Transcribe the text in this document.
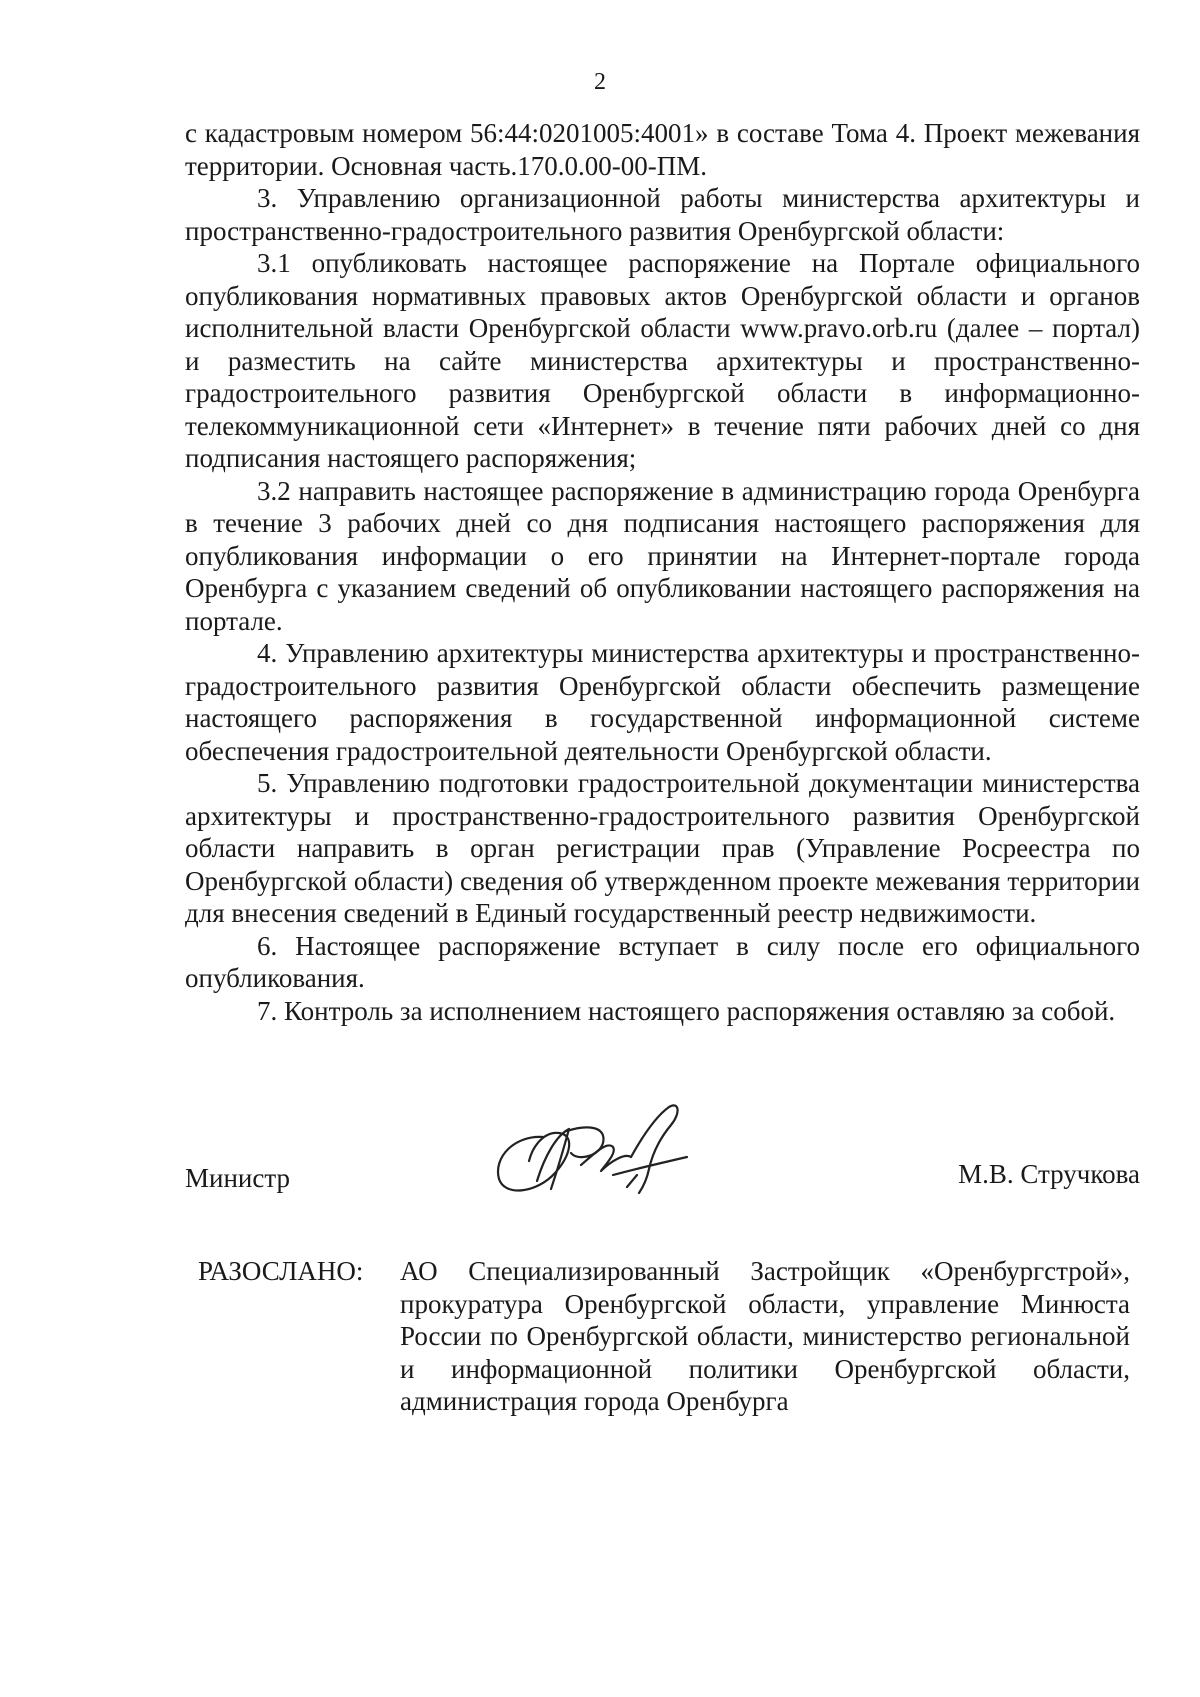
2

с кадастровым номером 56:44:0201005:4001» в составе Тома 4. Проект межевания территории. Основная часть.170.0.00-00-ПМ.

3. Управлению организационной работы министерства архитектуры и пространственно-градостроительного развития Оренбургской области:

3.1 опубликовать настоящее распоряжение на Портале официального опубликования нормативных правовых актов Оренбургской области и органов исполнительной власти Оренбургской области www.pravo.orb.ru (далее – портал) и разместить на сайте министерства архитектуры и пространственно-градостроительного развития Оренбургской области в информационно-телекоммуникационной сети «Интернет» в течение пяти рабочих дней со дня подписания настоящего распоряжения;

3.2 направить настоящее распоряжение в администрацию города Оренбурга в течение 3 рабочих дней со дня подписания настоящего распоряжения для опубликования информации о его принятии на Интернет-портале города Оренбурга с указанием сведений об опубликовании настоящего распоряжения на портале.

4. Управлению архитектуры министерства архитектуры и пространственно-градостроительного развития Оренбургской области обеспечить размещение настоящего распоряжения в государственной информационной системе обеспечения градостроительной деятельности Оренбургской области.

5. Управлению подготовки градостроительной документации министерства архитектуры и пространственно-градостроительного развития Оренбургской области направить в орган регистрации прав (Управление Росреестра по Оренбургской области) сведения об утвержденном проекте межевания территории для внесения сведений в Единый государственный реестр недвижимости.

6. Настоящее распоряжение вступает в силу после его официального опубликования.

7. Контроль за исполнением настоящего распоряжения оставляю за собой.

Министр	М.В. Стручкова
РАЗОСЛАНО:	АО Специализированный Застройщик «Оренбургстрой», прокуратура Оренбургской области, управление Минюста России по Оренбургской области, министерство региональной и информационной политики Оренбургской области, администрация города Оренбурга
